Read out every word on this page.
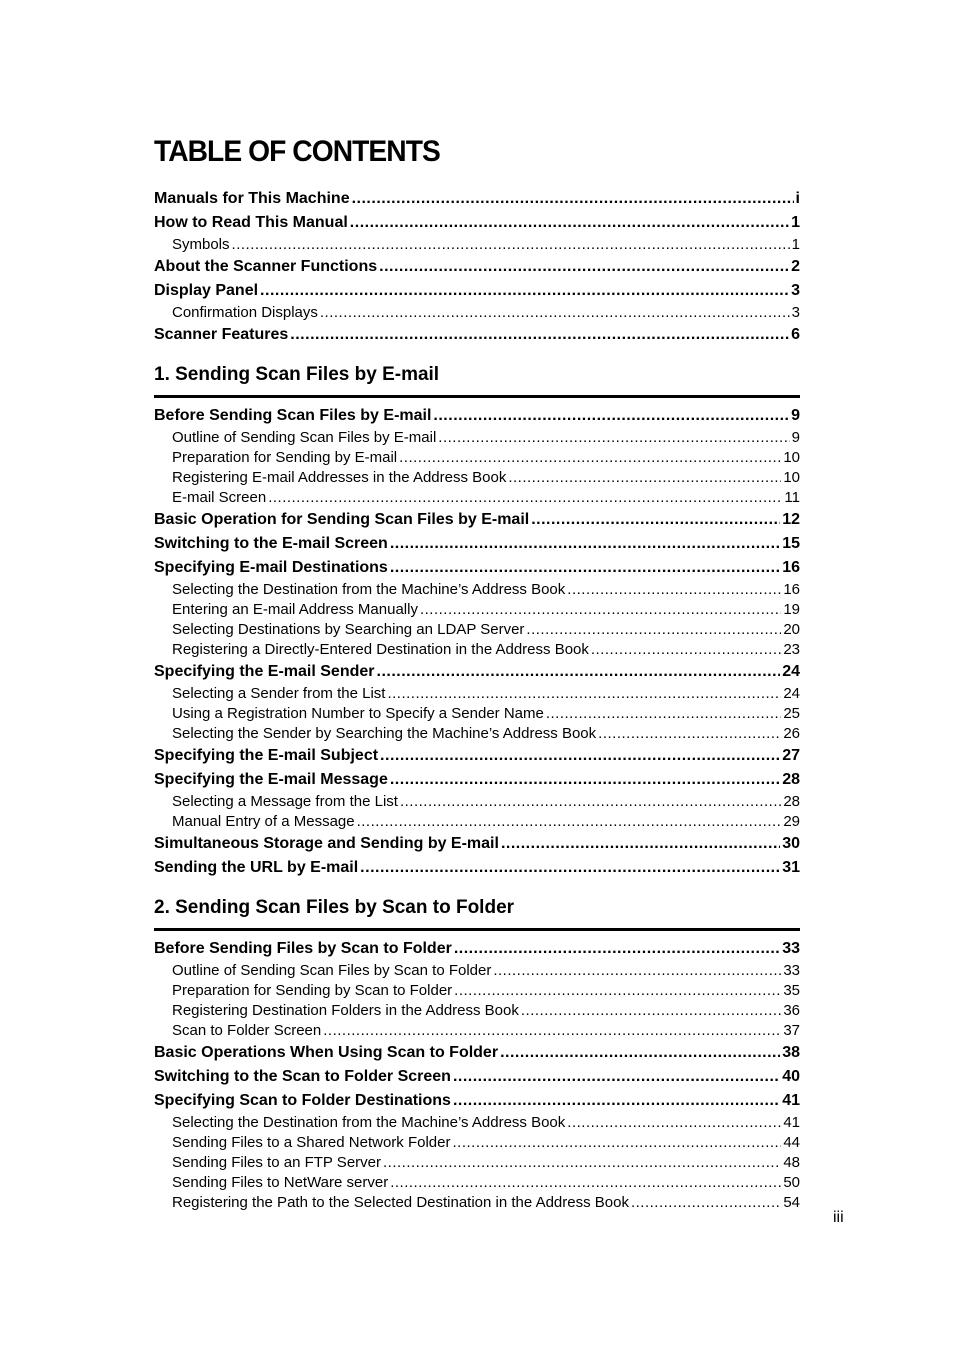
TABLE OF CONTENTS
Manuals for This Machine .....	i
How to Read This Manual .....	1
Symbols .....	1
About the Scanner Functions .....	2
Display Panel .....	3
Confirmation Displays .....	3
Scanner Features .....	6
1. Sending Scan Files by E-mail
Before Sending Scan Files by E-mail .....	9
Outline of Sending Scan Files by E-mail .....	9
Preparation for Sending by E-mail .....	10
Registering E-mail Addresses in the Address Book .....	10
E-mail Screen .....	11
Basic Operation for Sending Scan Files by E-mail .....	12
Switching to the E-mail Screen .....	15
Specifying E-mail Destinations .....	16
Selecting the Destination from the Machine’s Address Book .....	16
Entering an E-mail Address Manually .....	19
Selecting Destinations by Searching an LDAP Server .....	20
Registering a Directly-Entered Destination in the Address Book .....	23
Specifying the E-mail Sender .....	24
Selecting a Sender from the List .....	24
Using a Registration Number to Specify a Sender Name .....	25
Selecting the Sender by Searching the Machine’s Address Book .....	26
Specifying the E-mail Subject .....	27
Specifying the E-mail Message .....	28
Selecting a Message from the List .....	28
Manual Entry of a Message .....	29
Simultaneous Storage and Sending by E-mail .....	30
Sending the URL by E-mail .....	31
2. Sending Scan Files by Scan to Folder
Before Sending Files by Scan to Folder .....	33
Outline of Sending Scan Files by Scan to Folder .....	33
Preparation for Sending by Scan to Folder .....	35
Registering Destination Folders in the Address Book .....	36
Scan to Folder Screen .....	37
Basic Operations When Using Scan to Folder .....	38
Switching to the Scan to Folder Screen .....	40
Specifying Scan to Folder Destinations .....	41
Selecting the Destination from the Machine’s Address Book .....	41
Sending Files to a Shared Network Folder .....	44
Sending Files to an FTP Server .....	48
Sending Files to NetWare server .....	50
Registering the Path to the Selected Destination in the Address Book .....	54
iii
